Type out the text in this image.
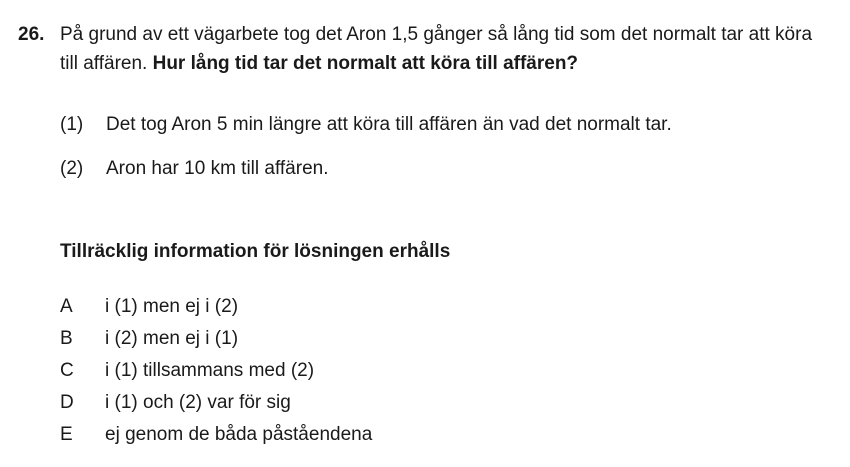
26. På grund av ett vägarbete tog det Aron 1,5 gånger så lång tid som det normalt tar att köra till affären. Hur lång tid tar det normalt att köra till affären?
(1)	Det tog Aron 5 min längre att köra till affären än vad det normalt tar.
(2)	Aron har 10 km till affären.
Tillräcklig information för lösningen erhålls
A	i (1) men ej i (2)
B	i (2) men ej i (1)
C	i (1) tillsammans med (2)
D	i (1) och (2) var för sig
E	ej genom de båda påståendena
